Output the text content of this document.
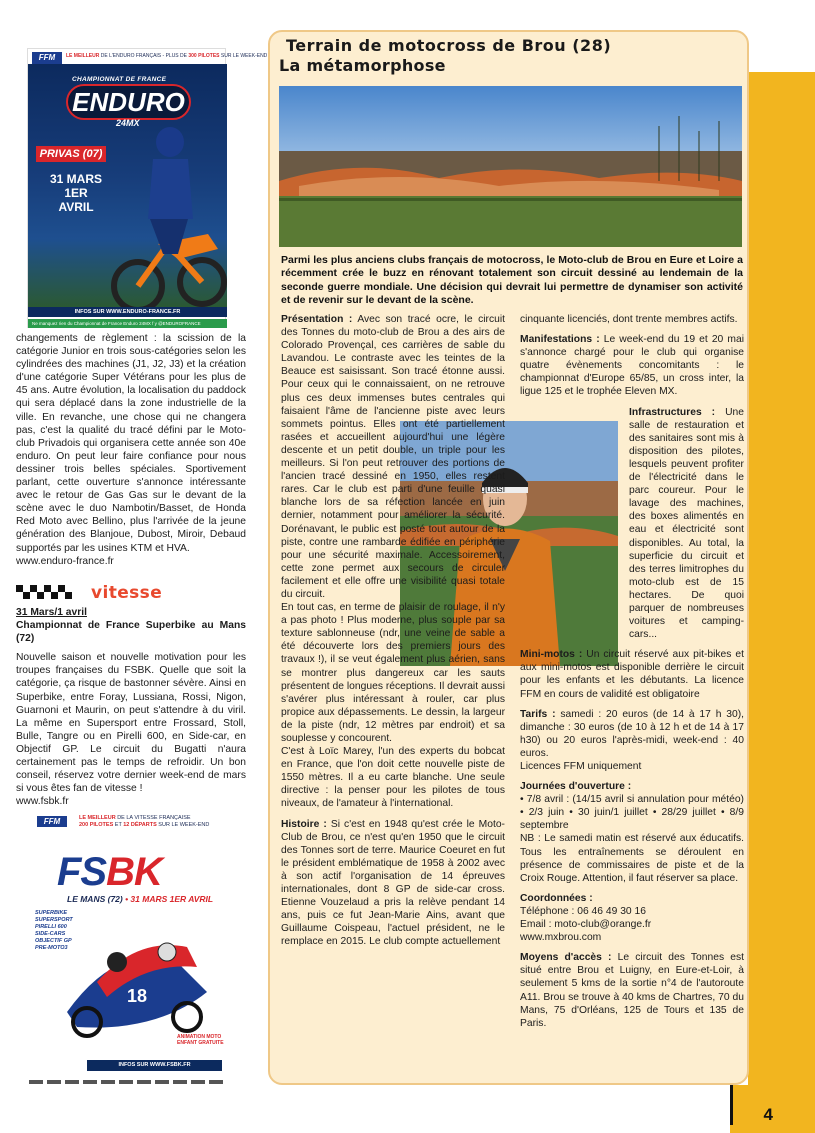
4
FFM	LE MEILLEUR DE L'ENDURO FRANÇAIS - PLUS DE 300 PILOTES SUR LE WEEK-END
CHAMPIONNAT DE FRANCE
ENDURO
24MX
PRIVAS (07)
31 MARS
1ER AVRIL
INFOS SUR WWW.ENDURO-FRANCE.FR
Ne manquez rien du Championnat de France Enduro 24MX f y @ENDUROFRANCE

changements de règlement : la scission de la catégorie Junior en trois sous-catégories selon les cylindrées des machines (J1, J2, J3) et la création d'une catégorie Super Vétérans pour les plus de 45 ans. Autre évolution, la localisation du paddock qui sera déplacé dans la zone industrielle de la ville. En revanche, une chose qui ne changera pas, c'est la qualité du tracé défini par le Moto-club Privadois qui organisera cette année son 40e enduro. On peut leur faire confiance pour nous dessiner trois belles spéciales. Sportivement parlant, cette ouverture s'annonce intéressante avec le retour de Gas Gas sur le devant de la scène avec le duo Nambotin/Basset, de Honda Red Moto avec Bellino, plus l'arrivée de la jeune génération des Blanjoue, Dubost, Miroir, Debaud supportés par les usines KTM et HVA.

www.enduro-france.fr

vitesse

31 Mars/1 avril

Championnat de France Superbike au Mans (72)

Nouvelle saison et nouvelle motivation pour les troupes françaises du FSBK. Quelle que soit la catégorie, ça risque de bastonner sévère. Ainsi en Superbike, entre Foray, Lussiana, Rossi, Nigon, Guarnoni et Maurin, on peut s'attendre à du viril. La même en Supersport entre Frossard, Stoll, Bulle, Tangre ou en Pirelli 600, en Side-car, en Objectif GP. Le circuit du Bugatti n'aura certainement pas le temps de refroidir. Un bon conseil, réservez votre dernier week-end de mars si vous êtes fan de vitesse !

www.fsbk.fr

FFM	LE MEILLEUR DE LA VITESSE FRANÇAISE
200 PILOTES ET 12 DÉPARTS SUR LE WEEK-END
FSBK
LE MANS (72) • 31 MARS 1ER AVRIL
SUPERBIKE
SUPERSPORT
PIRELLI 600
SIDE-CARS
OBJECTIF GP
PRE-MOTO3
18
ANIMATION MOTO ENFANT GRATUITE
INFOS SUR WWW.FSBK.FR
Terrain de motocross de Brou (28)
La métamorphose
Parmi les plus anciens clubs français de motocross, le Moto-club de Brou en Eure et Loire a récemment crée le buzz en rénovant totalement son circuit dessiné au lendemain de la seconde guerre mondiale. Une décision qui devrait lui permettre de dynamiser son activité et de revenir sur le devant de la scène.

Présentation : Avec son tracé ocre, le circuit des Tonnes du moto-club de Brou a des airs de Colorado Provençal, ces carrières de sable du Lavandou. Le contraste avec les teintes de la Beauce est saisissant. Son tracé étonne aussi. Pour ceux qui le connaissaient, on ne retrouve plus ces deux immenses butes centrales qui faisaient l'âme de l'ancienne piste avec leurs sommets pointus. Elles ont été partiellement rasées et accueillent aujourd'hui une légère descente et un petit double, un triple pour les meilleurs. Si l'on peut retrouver des portions de l'ancien tracé dessiné en 1950, elles restent rares. Car le club est parti d'une feuille quasi blanche lors de sa réfection lancée en juin dernier, notamment pour améliorer la sécurité. Dorénavant, le public est posté tout autour de la piste, contre une rambarde édifiée en périphérie pour une sécurité maximale. Accessoirement, cette zone permet aux secours de circuler facilement et elle offre une visibilité quasi totale du circuit.

En tout cas, en terme de plaisir de roulage, il n'y a pas photo ! Plus moderne, plus souple par sa texture sablonneuse (ndr, une veine de sable a été découverte lors des premiers jours des travaux !), il se veut également plus aérien, sans se montrer plus dangereux car les sauts présentent de longues réceptions. Il devrait aussi s'avérer plus intéressant à rouler, car plus propice aux dépassements. Le dessin, la largeur de la piste (ndr, 12 mètres par endroit) et sa souplesse y concourent.

C'est à Loïc Marey, l'un des experts du bobcat en France, que l'on doit cette nouvelle piste de 1550 mètres. Il a eu carte blanche. Une seule directive : la penser pour les pilotes de tous niveaux, de l'amateur à l'international.

Histoire : Si c'est en 1948 qu'est crée le Moto-Club de Brou, ce n'est qu'en 1950 que le circuit des Tonnes sort de terre. Maurice Coeuret en fut le président emblématique de 1958 à 2002 avec à son actif l'organisation de 14 épreuves internationales, dont 8 GP de side-car cross. Etienne Vouzelaud a pris la relève pendant 14 ans, puis ce fut Jean-Marie Ains, avant que Guillaume Coispeau, l'actuel président, ne le remplace en 2015. Le club compte actuellement

cinquante licenciés, dont trente membres actifs.

Manifestations : Le week-end du 19 et 20 mai s'annonce chargé pour le club qui organise quatre évènements concomitants : le championnat d'Europe 65/85, un cross inter, la ligue 125 et le trophée Eleven MX.

Infrastructures : Une salle de restauration et des sanitaires sont mis à disposition des pilotes, lesquels peuvent profiter de l'électricité dans le parc coureur. Pour le lavage des machines, des boxes alimentés en eau et électricité sont disponibles. Au total, la superficie du circuit et des terres limitrophes du moto-club est de 15 hectares. De quoi parquer de nombreuses voitures et camping-cars...

Mini-motos : Un circuit réservé aux pit-bikes et aux mini-motos est disponible derrière le circuit pour les enfants et les débutants. La licence FFM en cours de validité est obligatoire

Tarifs : samedi : 20 euros (de 14 à 17 h 30), dimanche : 30 euros (de 10 à 12 h et de 14 à 17 h30) ou 20 euros l'après-midi, week-end : 40 euros.

Licences FFM uniquement

Journées d'ouverture :

• 7/8 avril : (14/15 avril si annulation pour météo) • 2/3 juin • 30 juin/1 juillet • 28/29 juillet • 8/9 septembre

NB : Le samedi matin est réservé aux éducatifs. Tous les entraînements se déroulent en présence de commissaires de piste et de la Croix Rouge. Attention, il faut réserver sa place.

Coordonnées :

Téléphone : 06 46 49 30 16

Email : moto-club@orange.fr

www.mxbrou.com

Moyens d'accès : Le circuit des Tonnes est situé entre Brou et Luigny, en Eure-et-Loir, à seulement 5 kms de la sortie n°4 de l'autoroute A11. Brou se trouve à 40 kms de Chartres, 70 du Mans, 75 d'Orléans, 125 de Tours et 135 de Paris.
